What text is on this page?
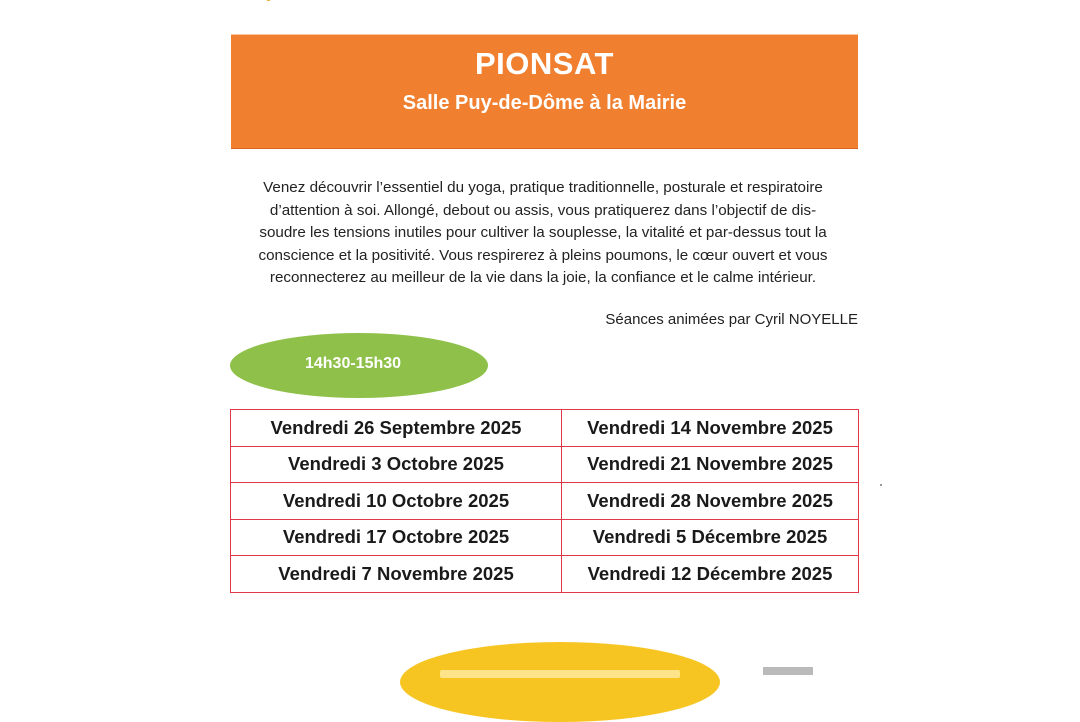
PIONSAT
Salle Puy-de-Dôme à la Mairie

Venez découvrir l’essentiel du yoga, pratique traditionnelle, posturale et respiratoire
d’attention à soi. Allongé, debout ou assis, vous pratiquerez dans l’objectif de dis-
soudre les tensions inutiles pour cultiver la souplesse, la vitalité et par-dessus tout la
conscience et la positivité. Vous respirerez à pleins poumons, le cœur ouvert et vous
reconnecterez au meilleur de la vie dans la joie, la confiance et le calme intérieur.

Séances animées par Cyril NOYELLE
14h30-15h30
Vendredi 26 Septembre 2025	Vendredi 14 Novembre 2025
Vendredi 3 Octobre 2025	Vendredi 21 Novembre 2025
Vendredi 10 Octobre 2025	Vendredi 28 Novembre 2025
Vendredi 17 Octobre 2025	Vendredi 5 Décembre 2025
Vendredi 7 Novembre 2025	Vendredi 12 Décembre 2025
